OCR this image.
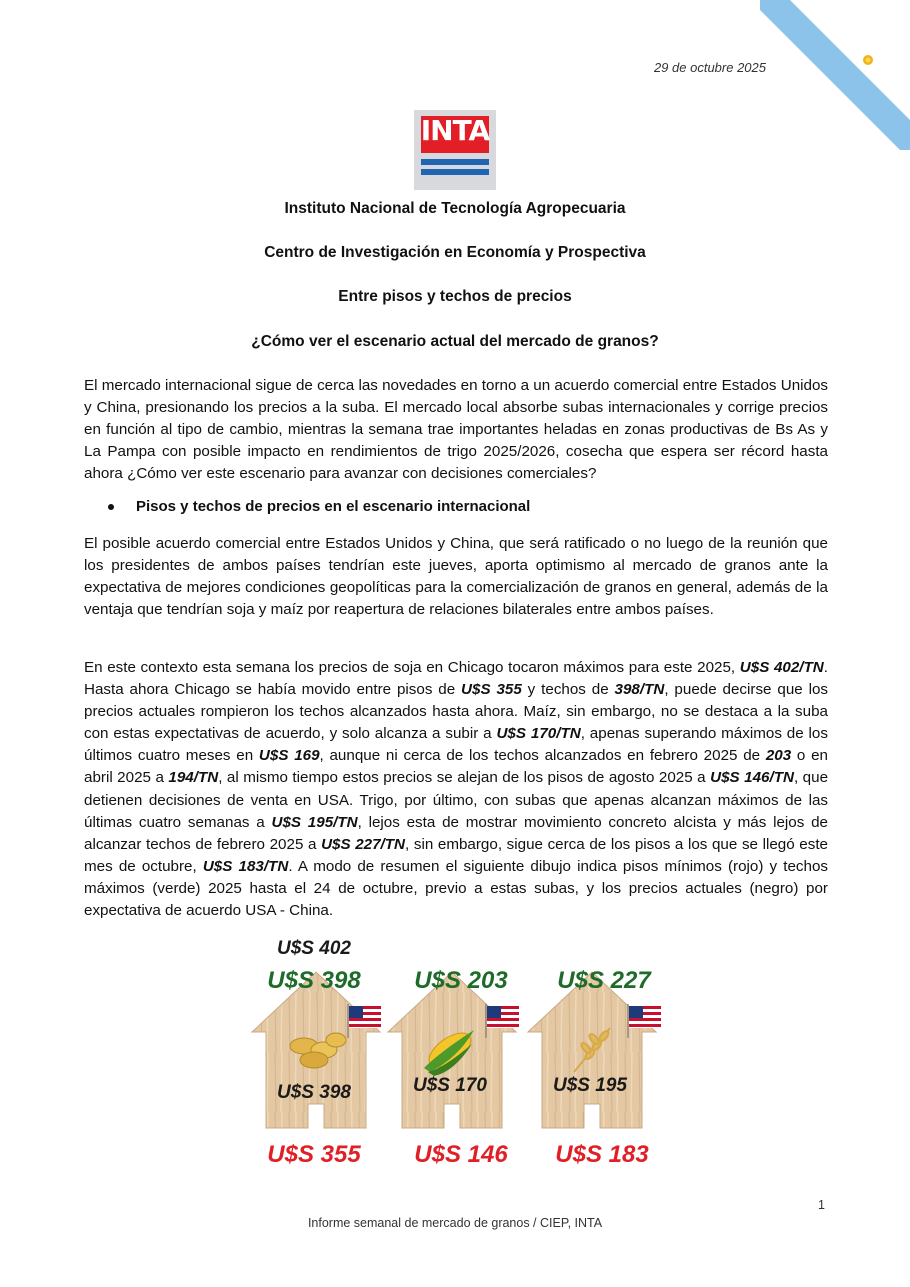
29 de octubre 2025
INTA
Instituto Nacional de Tecnología Agropecuaria
Centro de Investigación en Economía y Prospectiva
Entre pisos y techos de precios
¿Cómo ver el escenario actual del mercado de granos?
El mercado internacional sigue de cerca las novedades en torno a un acuerdo comercial entre Estados Unidos y China, presionando los precios a la suba. El mercado local absorbe subas internacionales y corrige precios en función al tipo de cambio, mientras la semana trae importantes heladas en zonas productivas de Bs As y La Pampa con posible impacto en rendimientos de trigo 2025/2026, cosecha que espera ser récord hasta ahora ¿Cómo ver este escenario para avanzar con decisiones comerciales?
Pisos y techos de precios en el escenario internacional
El posible acuerdo comercial entre Estados Unidos y China, que será ratificado o no luego de la reunión que los presidentes de ambos países tendrían este jueves, aporta optimismo al mercado de granos ante la expectativa de mejores condiciones geopolíticas para la comercialización de granos en general, además de la ventaja que tendrían soja y maíz por reapertura de relaciones bilaterales entre ambos países.
En este contexto esta semana los precios de soja en Chicago tocaron máximos para este 2025, U$S 402/TN. Hasta ahora Chicago se había movido entre pisos de U$S 355 y techos de 398/TN, puede decirse que los precios actuales rompieron los techos alcanzados hasta ahora. Maíz, sin embargo, no se destaca a la suba con estas expectativas de acuerdo, y solo alcanza a subir a U$S 170/TN, apenas superando máximos de los últimos cuatro meses en U$S 169, aunque ni cerca de los techos alcanzados en febrero 2025 de 203 o en abril 2025 a 194/TN, al mismo tiempo estos precios se alejan de los pisos de agosto 2025 a U$S 146/TN, que detienen decisiones de venta en USA. Trigo, por último, con subas que apenas alcanzan máximos de las últimas cuatro semanas a U$S 195/TN, lejos esta de mostrar movimiento concreto alcista y más lejos de alcanzar techos de febrero 2025 a U$S 227/TN, sin embargo, sigue cerca de los pisos a los que se llegó este mes de octubre, U$S 183/TN. A modo de resumen el siguiente dibujo indica pisos mínimos (rojo) y techos máximos (verde) 2025 hasta el 24 de octubre, previo a estas subas, y los precios actuales (negro) por expectativa de acuerdo USA - China.
U$S 402
U$S 398 U$S 203 U$S 227
U$S 398	U$S 170	U$S 195
U$S 355 U$S 146 U$S 183
1
Informe semanal de mercado de granos / CIEP, INTA
